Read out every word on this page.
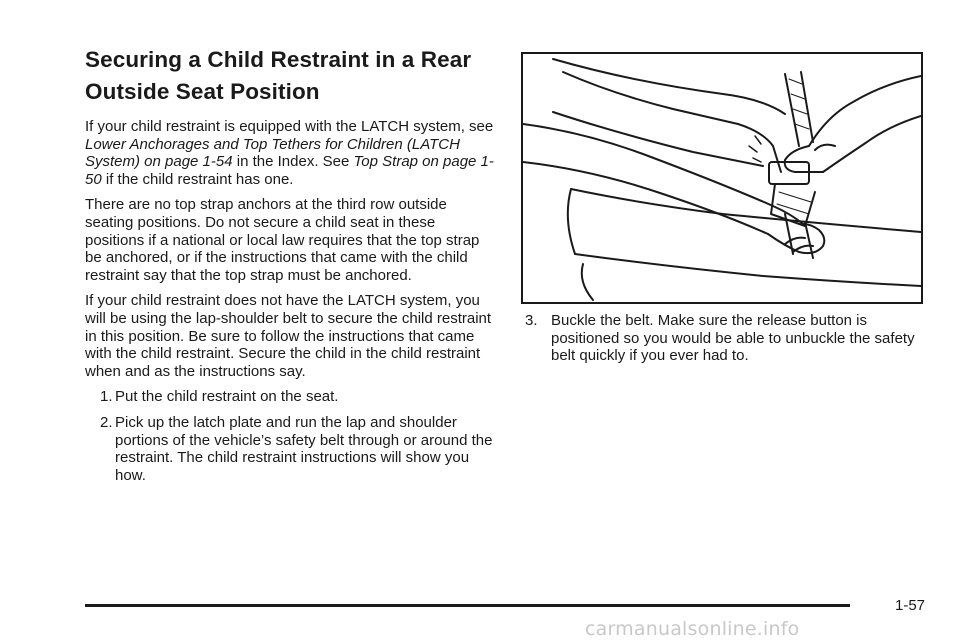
Securing a Child Restraint in a Rear Outside Seat Position

If your child restraint is equipped with the LATCH system, see Lower Anchorages and Top Tethers for Children (LATCH System) on page 1-54 in the Index. See Top Strap on page 1-50 if the child restraint has one.

There are no top strap anchors at the third row outside seating positions. Do not secure a child seat in these positions if a national or local law requires that the top strap be anchored, or if the instructions that came with the child restraint say that the top strap must be anchored.

If your child restraint does not have the LATCH system, you will be using the lap-shoulder belt to secure the child restraint in this position. Be sure to follow the instructions that came with the child restraint. Secure the child in the child restraint when and as the instructions say.

1. Put the child restraint on the seat.
2. Pick up the latch plate and run the lap and shoulder portions of the vehicle’s safety belt through or around the restraint. The child restraint instructions will show you how.
3. Buckle the belt. Make sure the release button is positioned so you would be able to unbuckle the safety belt quickly if you ever had to.
1-57
carmanualsonline.info
